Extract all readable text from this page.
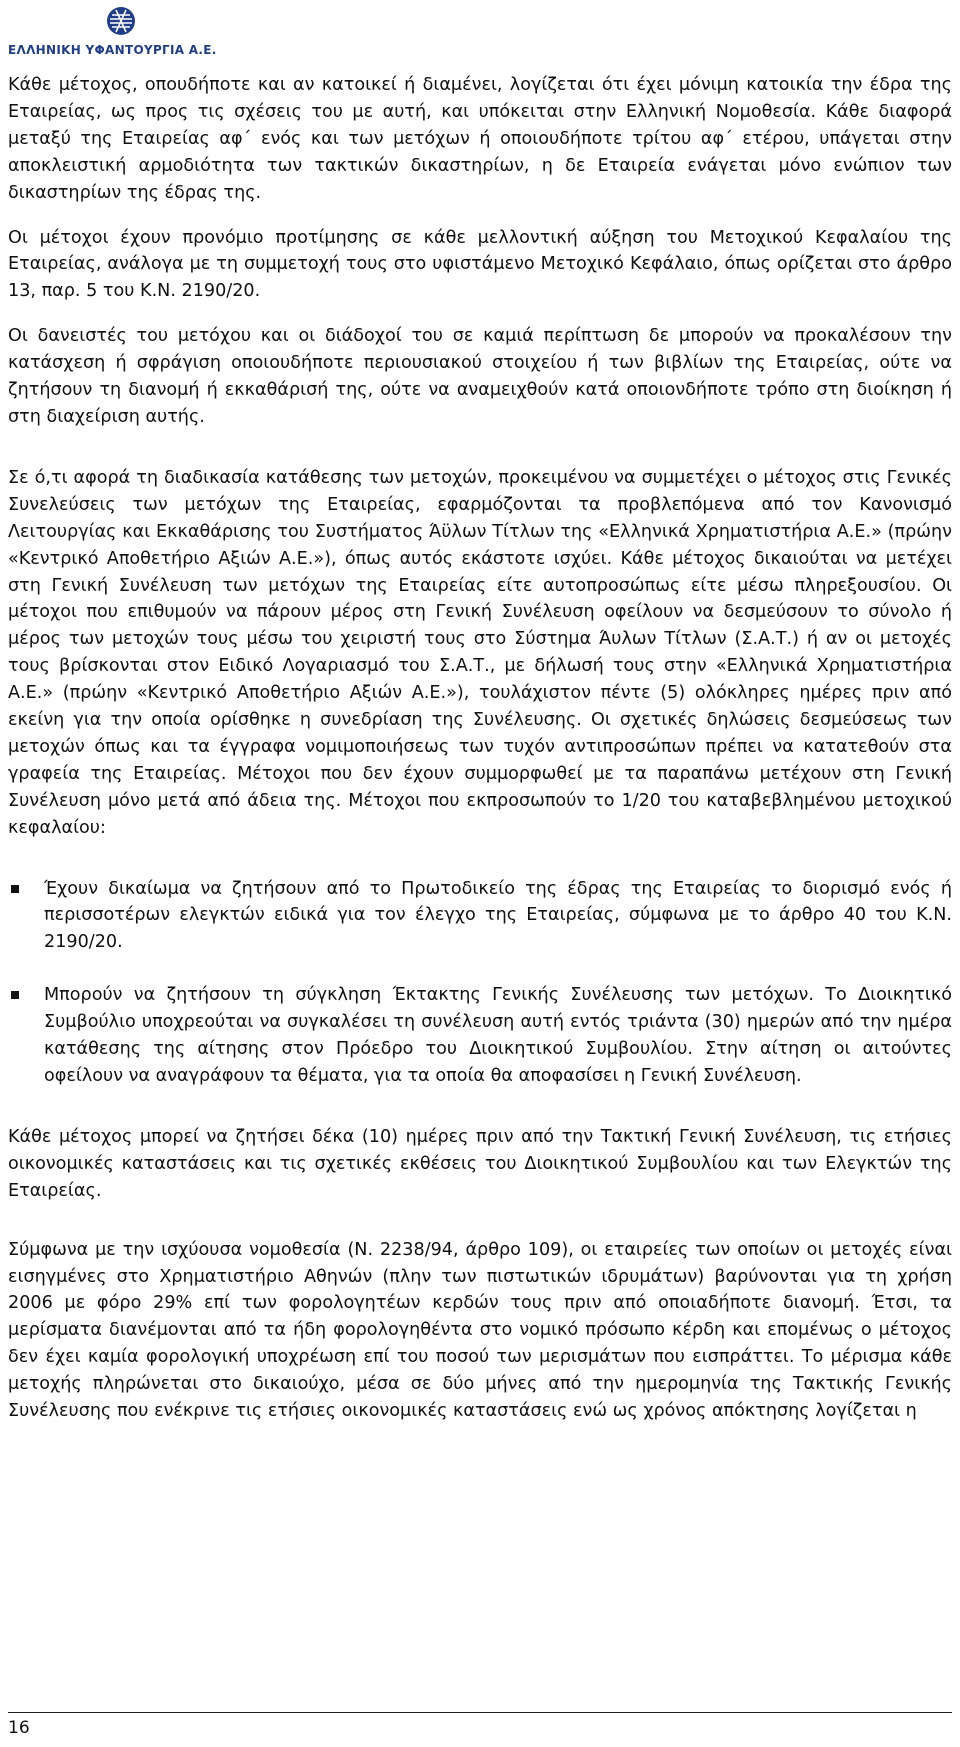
ΕΛΛΗΝΙΚΗ ΥΦΑΝΤΟΥΡΓΙΑ Α.Ε.

Κάθε μέτοχος, οπουδήποτε και αν κατοικεί ή διαμένει, λογίζεται ότι έχει μόνιμη κατοικία την έδρα της Εταιρείας, ως προς τις σχέσεις του με αυτή, και υπόκειται στην Ελληνική Νομοθεσία. Κάθε διαφορά μεταξύ της Εταιρείας αφ΄ ενός και των μετόχων ή οποιουδήποτε τρίτου αφ΄ ετέρου, υπάγεται στην αποκλειστική αρμοδιότητα των τακτικών δικαστηρίων, η δε Εταιρεία ενάγεται μόνο ενώπιον των δικαστηρίων της έδρας της.

Οι μέτοχοι έχουν προνόμιο προτίμησης σε κάθε μελλοντική αύξηση του Μετοχικού Κεφαλαίου της Εταιρείας, ανάλογα με τη συμμετοχή τους στο υφιστάμενο Μετοχικό Κεφάλαιο, όπως ορίζεται στο άρθρο 13, παρ. 5 του Κ.Ν. 2190/20.

Οι δανειστές του μετόχου και οι διάδοχοί του σε καμιά περίπτωση δε μπορούν να προκαλέσουν την κατάσχεση ή σφράγιση οποιουδήποτε περιουσιακού στοιχείου ή των βιβλίων της Εταιρείας, ούτε να ζητήσουν τη διανομή ή εκκαθάρισή της, ούτε να αναμειχθούν κατά οποιονδήποτε τρόπο στη διοίκηση ή στη διαχείριση αυτής.

Σε ό,τι αφορά τη διαδικασία κατάθεσης των μετοχών, προκειμένου να συμμετέχει ο μέτοχος στις Γενικές Συνελεύσεις των μετόχων της Εταιρείας, εφαρμόζονται τα προβλεπόμενα από τον Κανονισμό Λειτουργίας και Εκκαθάρισης του Συστήματος Άϋλων Τίτλων της «Ελληνικά Χρηματιστήρια Α.Ε.» (πρώην «Κεντρικό Αποθετήριο Αξιών Α.Ε.»), όπως αυτός εκάστοτε ισχύει. Κάθε μέτοχος δικαιούται να μετέχει στη Γενική Συνέλευση των μετόχων της Εταιρείας είτε αυτοπροσώπως είτε μέσω πληρεξουσίου. Οι μέτοχοι που επιθυμούν να πάρουν μέρος στη Γενική Συνέλευση οφείλουν να δεσμεύσουν το σύνολο ή μέρος των μετοχών τους μέσω του χειριστή τους στο Σύστημα Άυλων Τίτλων (Σ.Α.Τ.) ή αν οι μετοχές τους βρίσκονται στον Ειδικό Λογαριασμό του Σ.Α.Τ., με δήλωσή τους στην «Ελληνικά Χρηματιστήρια Α.Ε.» (πρώην «Κεντρικό Αποθετήριο Αξιών Α.Ε.»), τουλάχιστον πέντε (5) ολόκληρες ημέρες πριν από εκείνη για την οποία ορίσθηκε η συνεδρίαση της Συνέλευσης. Οι σχετικές δηλώσεις δεσμεύσεως των μετοχών όπως και τα έγγραφα νομιμοποιήσεως των τυχόν αντιπροσώπων πρέπει να κατατεθούν στα γραφεία της Εταιρείας. Μέτοχοι που δεν έχουν συμμορφωθεί με τα παραπάνω μετέχουν στη Γενική Συνέλευση μόνο μετά από άδεια της. Μέτοχοι που εκπροσωπούν το 1/20 του καταβεβλημένου μετοχικού κεφαλαίου:

Έχουν δικαίωμα να ζητήσουν από το Πρωτοδικείο της έδρας της Εταιρείας το διορισμό ενός ή περισσοτέρων ελεγκτών ειδικά για τον έλεγχο της Εταιρείας, σύμφωνα με το άρθρο 40 του Κ.Ν. 2190/20.
Μπορούν να ζητήσουν τη σύγκληση Έκτακτης Γενικής Συνέλευσης των μετόχων. Το Διοικητικό Συμβούλιο υποχρεούται να συγκαλέσει τη συνέλευση αυτή εντός τριάντα (30) ημερών από την ημέρα κατάθεσης της αίτησης στον Πρόεδρο του Διοικητικού Συμβουλίου. Στην αίτηση οι αιτούντες οφείλουν να αναγράφουν τα θέματα, για τα οποία θα αποφασίσει η Γενική Συνέλευση.

Κάθε μέτοχος μπορεί να ζητήσει δέκα (10) ημέρες πριν από την Τακτική Γενική Συνέλευση, τις ετήσιες οικονομικές καταστάσεις και τις σχετικές εκθέσεις του Διοικητικού Συμβουλίου και των Ελεγκτών της Εταιρείας.

Σύμφωνα με την ισχύουσα νομοθεσία (Ν. 2238/94, άρθρο 109), οι εταιρείες των οποίων οι μετοχές είναι εισηγμένες στο Χρηματιστήριο Αθηνών (πλην των πιστωτικών ιδρυμάτων) βαρύνονται για τη χρήση 2006 με φόρο 29% επί των φορολογητέων κερδών τους πριν από οποιαδήποτε διανομή. Έτσι, τα μερίσματα διανέμονται από τα ήδη φορολογηθέντα στο νομικό πρόσωπο κέρδη και επομένως ο μέτοχος δεν έχει καμία φορολογική υποχρέωση επί του ποσού των μερισμάτων που εισπράττει. Το μέρισμα κάθε μετοχής πληρώνεται στο δικαιούχο, μέσα σε δύο μήνες από την ημερομηνία της Τακτικής Γενικής Συνέλευσης που ενέκρινε τις ετήσιες οικονομικές καταστάσεις ενώ ως χρόνος απόκτησης λογίζεται η

16
